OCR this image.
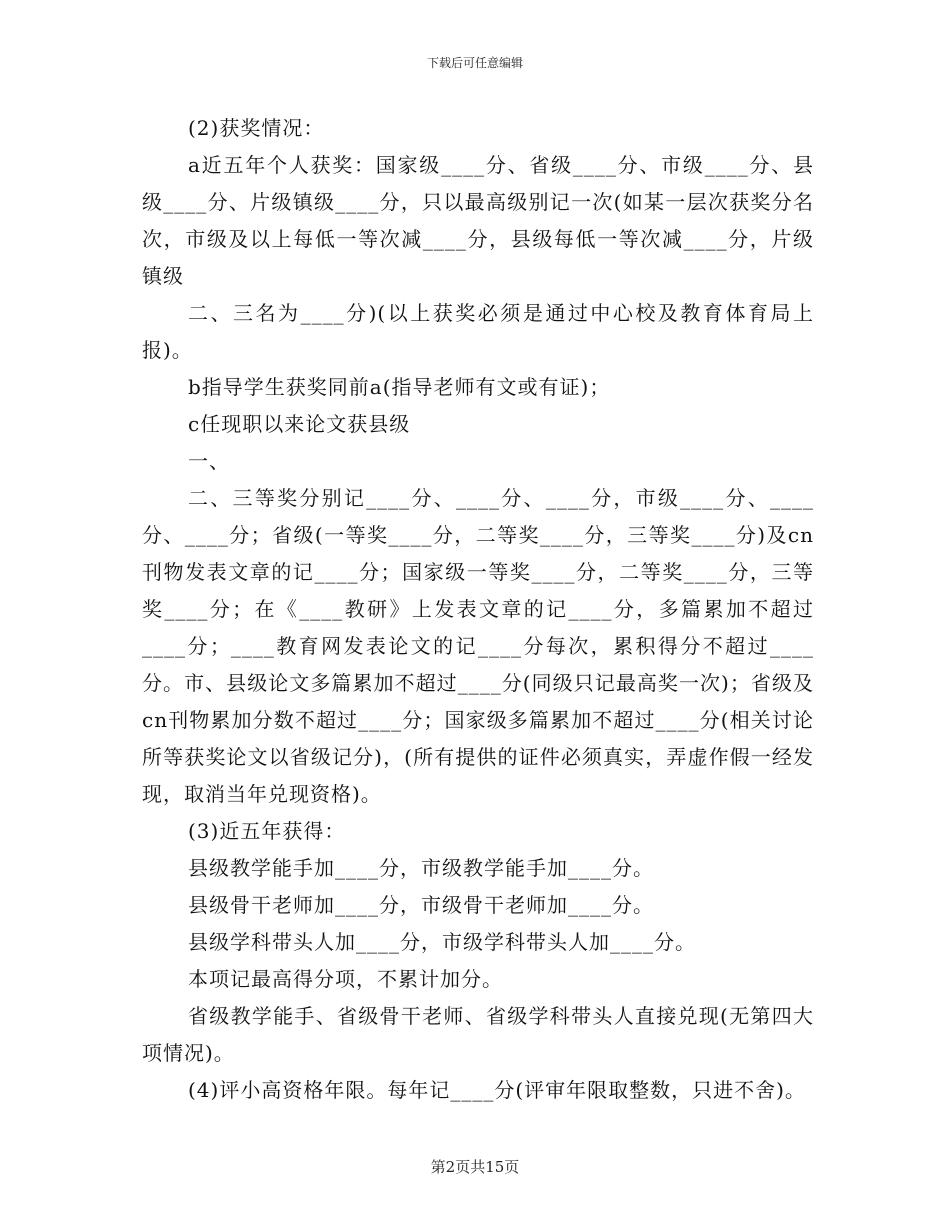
下载后可任意编辑

(2)获奖情况：

a近五年个人获奖：国家级____分、省级____分、市级____分、县级____分、片级镇级____分，只以最高级别记一次(如某一层次获奖分名次，市级及以上每低一等次减____分，县级每低一等次减____分，片级镇级

二、三名为____分)(以上获奖必须是通过中心校及教育体育局上报)。

b指导学生获奖同前a(指导老师有文或有证)；

c任现职以来论文获县级

一、

二、三等奖分别记____分、____分、____分，市级____分、____分、____分；省级(一等奖____分，二等奖____分，三等奖____分)及cn刊物发表文章的记____分；国家级一等奖____分，二等奖____分，三等奖____分；在《____教研》上发表文章的记____分，多篇累加不超过____分；____教育网发表论文的记____分每次，累积得分不超过____分。市、县级论文多篇累加不超过____分(同级只记最高奖一次)；省级及cn刊物累加分数不超过____分；国家级多篇累加不超过____分(相关讨论所等获奖论文以省级记分)，(所有提供的证件必须真实，弄虚作假一经发现，取消当年兑现资格)。

(3)近五年获得：

县级教学能手加____分，市级教学能手加____分。

县级骨干老师加____分，市级骨干老师加____分。

县级学科带头人加____分，市级学科带头人加____分。

本项记最高得分项，不累计加分。

省级教学能手、省级骨干老师、省级学科带头人直接兑现(无第四大项情况)。

(4)评小高资格年限。每年记____分(评审年限取整数，只进不舍)。

第2页共15页
